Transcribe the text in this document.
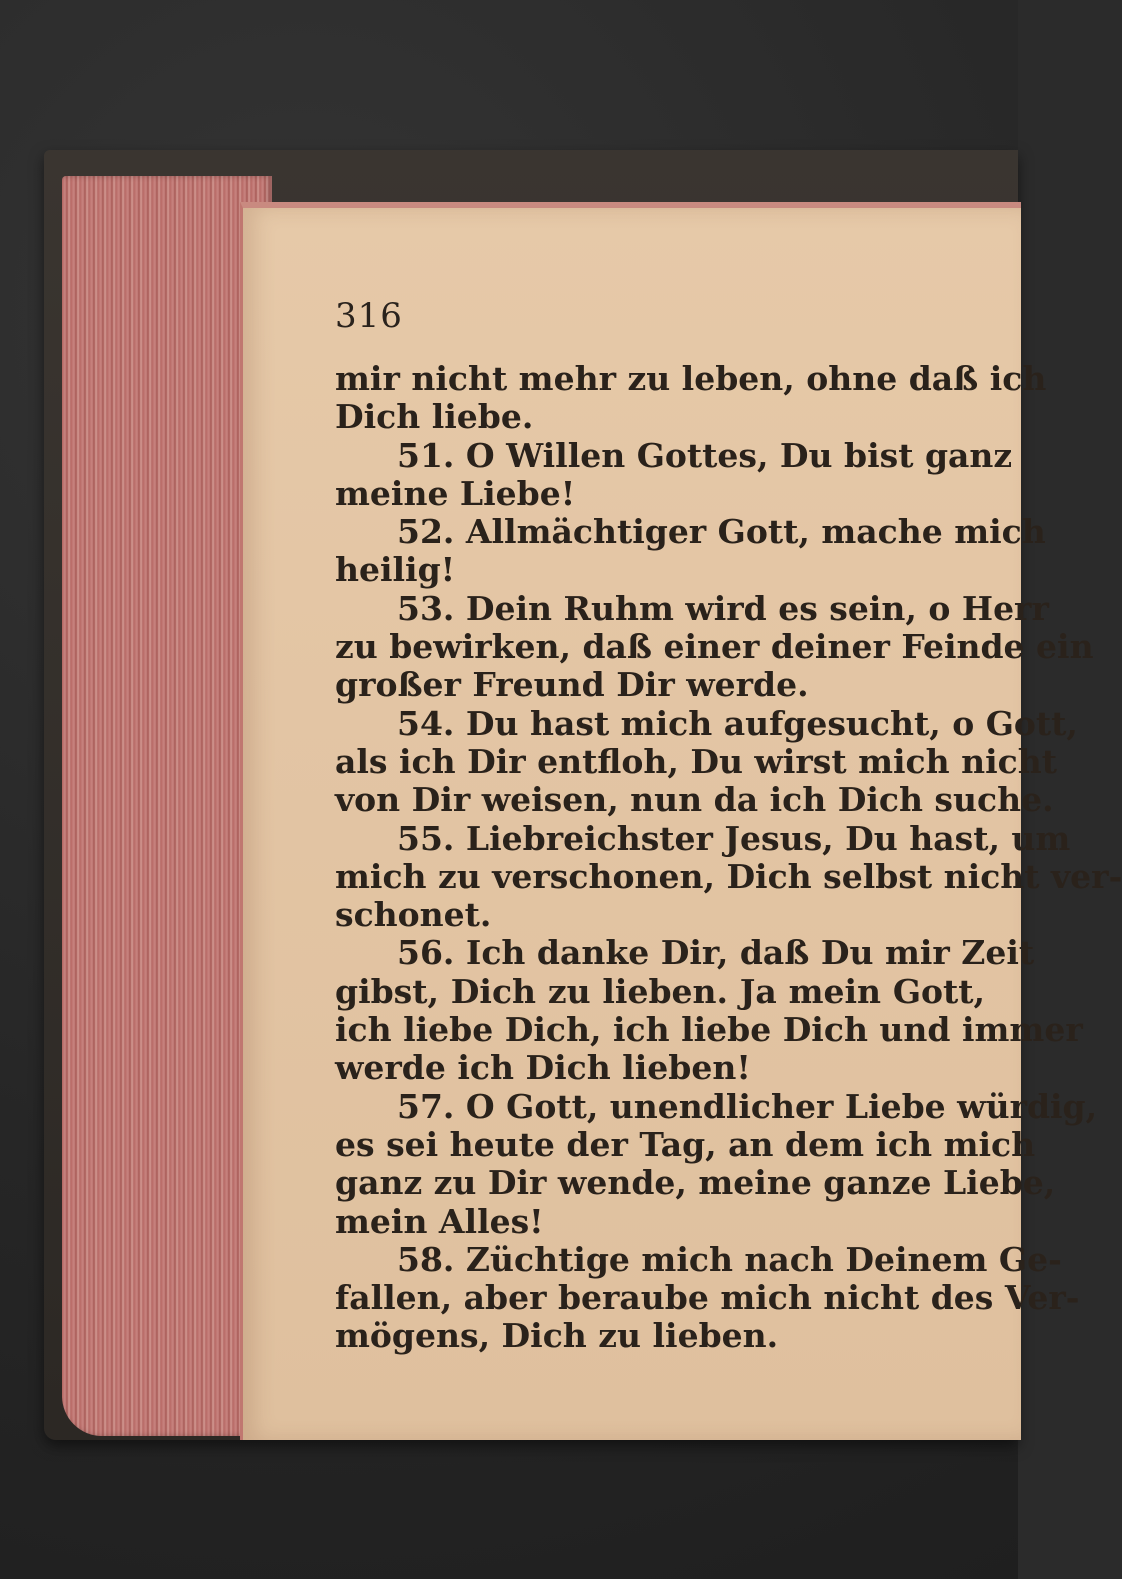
316
mir nicht mehr zu leben, ohne daß ich
Dich liebe.
51. O Willen Gottes, Du bist ganz
meine Liebe!
52. Allmächtiger Gott, mache mich
heilig!
53. Dein Ruhm wird es sein, o Herr
zu bewirken, daß einer deiner Feinde ein
großer Freund Dir werde.
54. Du hast mich aufgesucht, o Gott,
als ich Dir entfloh, Du wirst mich nicht
von Dir weisen, nun da ich Dich suche.
55. Liebreichster Jesus, Du hast, um
mich zu verschonen, Dich selbst nicht ver-
schonet.
56. Ich danke Dir, daß Du mir Zeit
gibst, Dich zu lieben. Ja mein Gott,
ich liebe Dich, ich liebe Dich und immer
werde ich Dich lieben!
57. O Gott, unendlicher Liebe würdig,
es sei heute der Tag, an dem ich mich
ganz zu Dir wende, meine ganze Liebe,
mein Alles!
58. Züchtige mich nach Deinem Ge-
fallen, aber beraube mich nicht des Ver-
mögens, Dich zu lieben.
